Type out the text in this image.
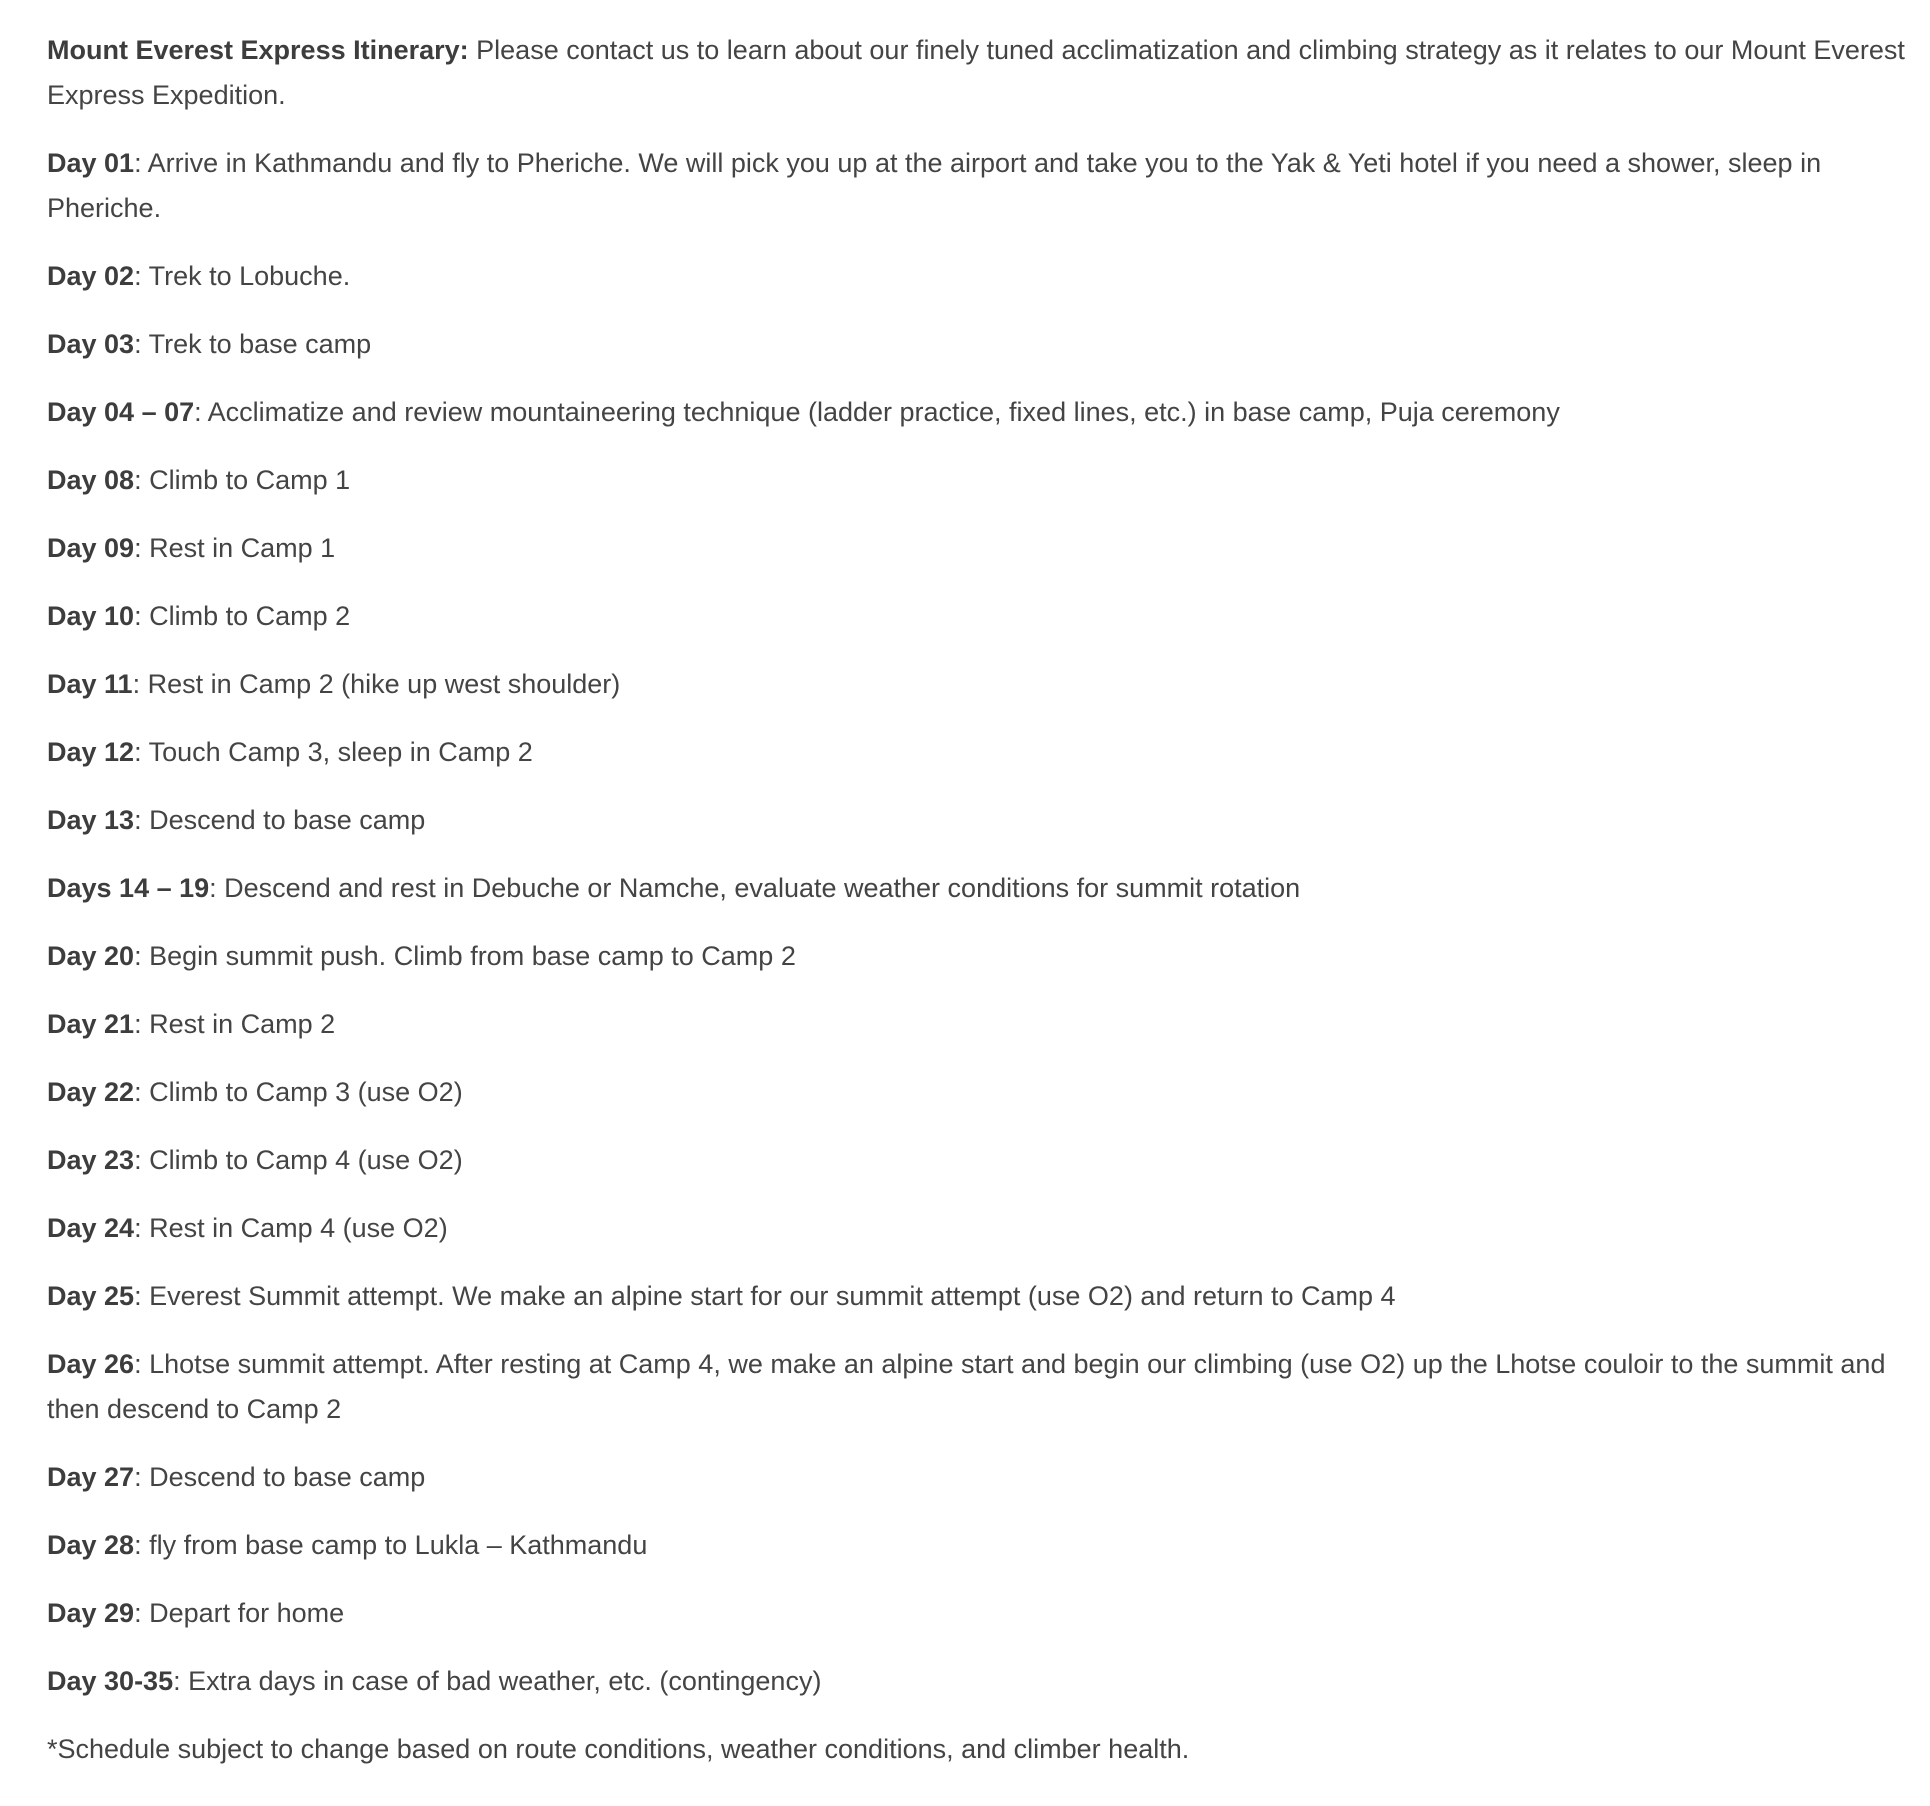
Mount Everest Express Itinerary: Please contact us to learn about our finely tuned acclimatization and climbing strategy as it relates to our Mount Everest Express Expedition.

Day 01: Arrive in Kathmandu and fly to Pheriche. We will pick you up at the airport and take you to the Yak & Yeti hotel if you need a shower, sleep in Pheriche.

Day 02: Trek to Lobuche.

Day 03: Trek to base camp

Day 04 – 07: Acclimatize and review mountaineering technique (ladder practice, fixed lines, etc.) in base camp, Puja ceremony

Day 08: Climb to Camp 1

Day 09: Rest in Camp 1

Day 10: Climb to Camp 2

Day 11: Rest in Camp 2 (hike up west shoulder)

Day 12: Touch Camp 3, sleep in Camp 2

Day 13: Descend to base camp

Days 14 – 19: Descend and rest in Debuche or Namche, evaluate weather conditions for summit rotation

Day 20: Begin summit push. Climb from base camp to Camp 2

Day 21: Rest in Camp 2

Day 22: Climb to Camp 3 (use O2)

Day 23: Climb to Camp 4 (use O2)

Day 24: Rest in Camp 4 (use O2)

Day 25: Everest Summit attempt. We make an alpine start for our summit attempt (use O2) and return to Camp 4

Day 26: Lhotse summit attempt. After resting at Camp 4, we make an alpine start and begin our climbing (use O2) up the Lhotse couloir to the summit and then descend to Camp 2

Day 27: Descend to base camp

Day 28: fly from base camp to Lukla – Kathmandu

Day 29: Depart for home

Day 30-35: Extra days in case of bad weather, etc. (contingency)

*Schedule subject to change based on route conditions, weather conditions, and climber health.
